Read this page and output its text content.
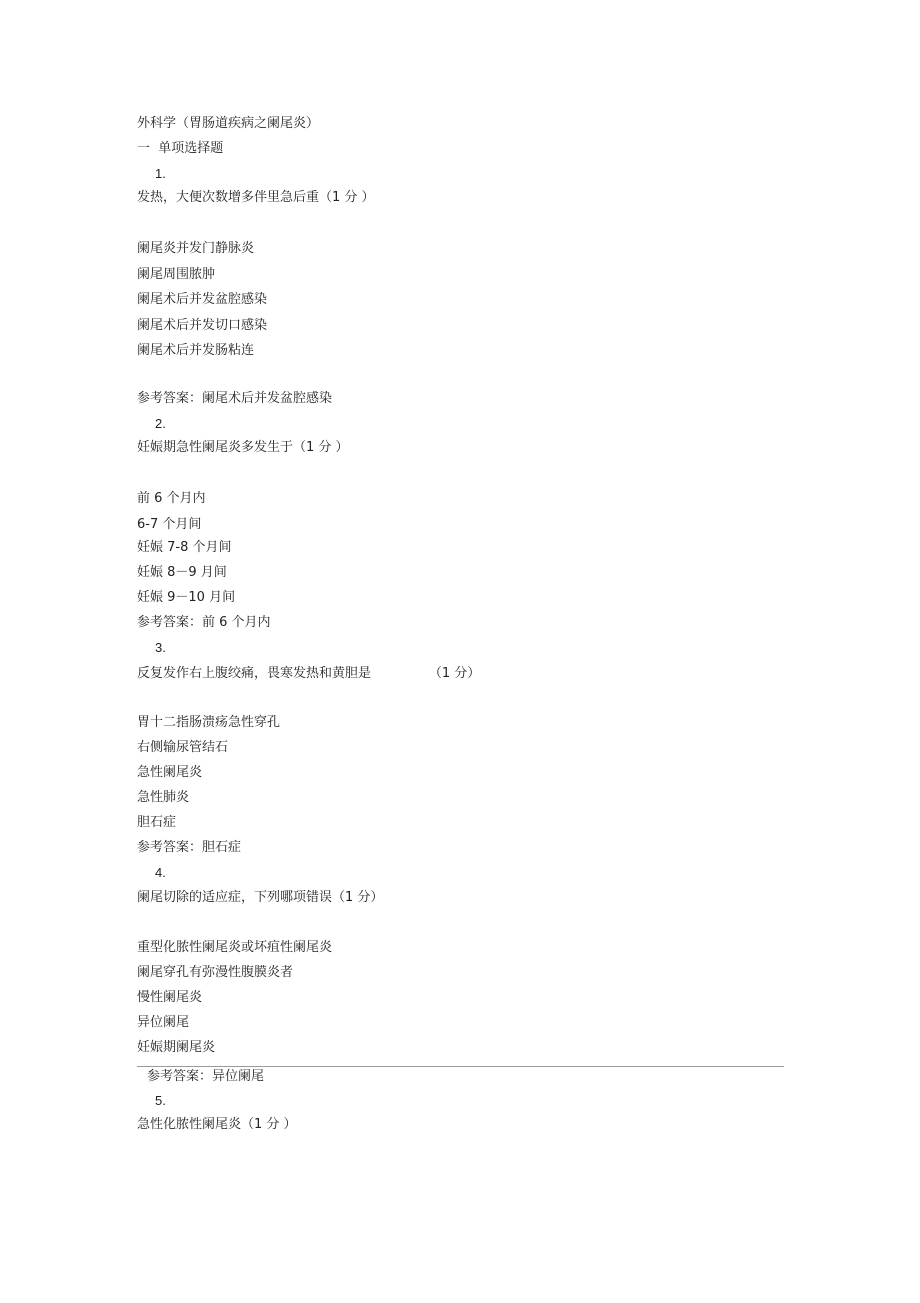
外科学（胃肠道疾病之阑尾炎）
一  单项选择题
1.
发热，大便次数增多伴里急后重（1 分 ）
阑尾炎并发门静脉炎
阑尾周围脓肿
阑尾术后并发盆腔感染
阑尾术后并发切口感染
阑尾术后并发肠粘连
参考答案：阑尾术后并发盆腔感染
2.
妊娠期急性阑尾炎多发生于（1 分 ）
前 6 个月内
6-7 个月间
妊娠 7-8 个月间
妊娠 8－9 月间
妊娠 9－10 月间
参考答案：前 6 个月内
3.
反复发作右上腹绞痛，畏寒发热和黄胆是              （1 分）
胃十二指肠溃疡急性穿孔
右侧输尿管结石
急性阑尾炎
急性肺炎
胆石症
参考答案：胆石症
4.
阑尾切除的适应症，下列哪项错误（1 分）
重型化脓性阑尾炎或坏疽性阑尾炎
阑尾穿孔有弥漫性腹膜炎者
慢性阑尾炎
异位阑尾
妊娠期阑尾炎
参考答案：异位阑尾
5.
急性化脓性阑尾炎（1 分 ）
